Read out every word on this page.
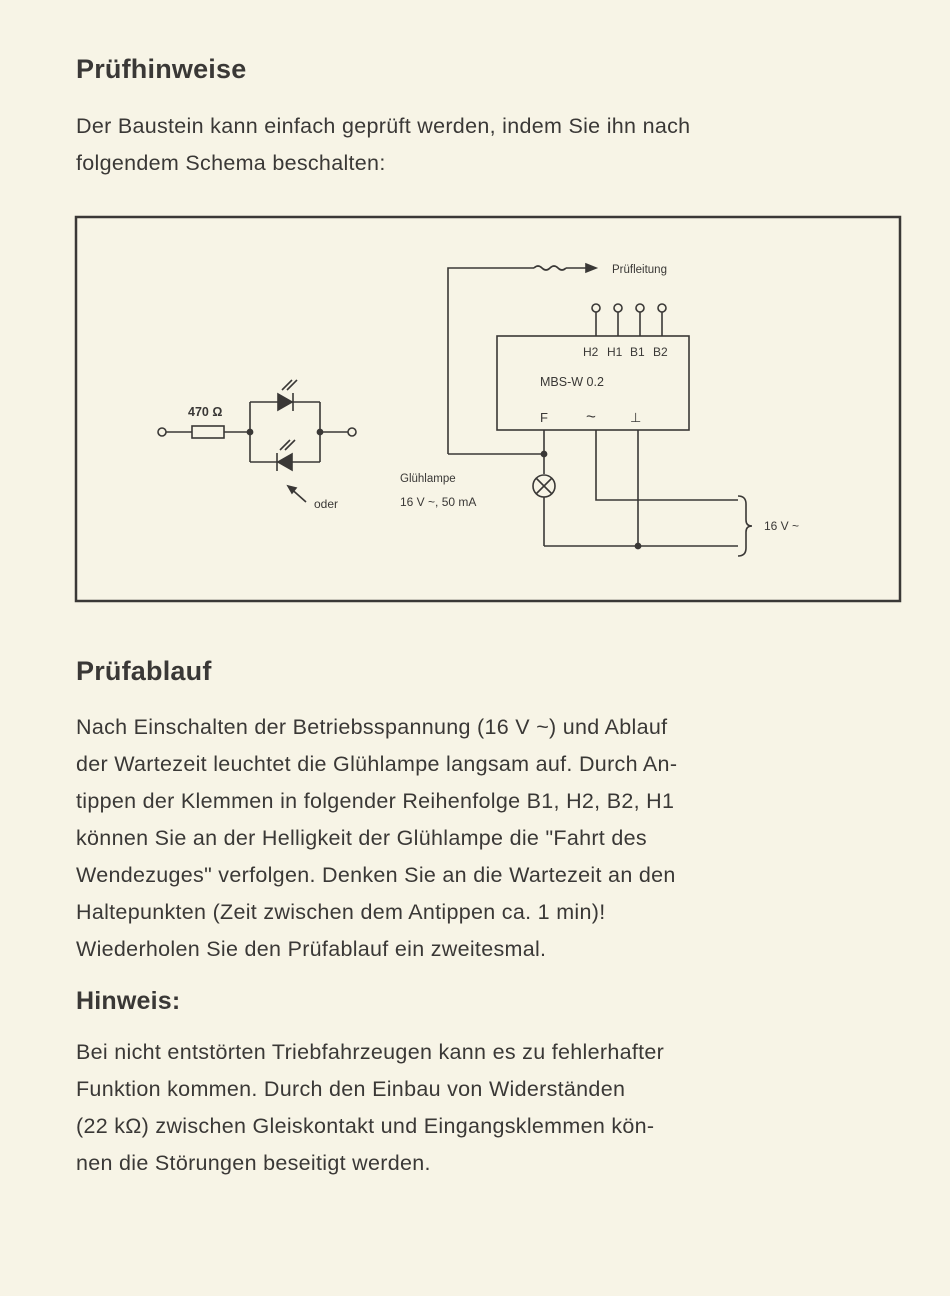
Prüfhinweise
Der Baustein kann einfach geprüft werden, indem Sie ihn nach
folgendem Schema beschalten:
470 Ω
oder
Prüfleitung
H2 H1 B1 B2
MBS-W 0.2
F ~	⊥
Glühlampe
16 V ~, 50 mA
16 V ~
Prüfablauf
Nach Einschalten der Betriebsspannung (16 V ~) und Ablauf
der Wartezeit leuchtet die Glühlampe langsam auf. Durch An-
tippen der Klemmen in folgender Reihenfolge B1, H2, B2, H1
können Sie an der Helligkeit der Glühlampe die "Fahrt des
Wendezuges" verfolgen. Denken Sie an die Wartezeit an den
Haltepunkten (Zeit zwischen dem Antippen ca. 1 min)!
Wiederholen Sie den Prüfablauf ein zweitesmal.
Hinweis:
Bei nicht entstörten Triebfahrzeugen kann es zu fehlerhafter
Funktion kommen. Durch den Einbau von Widerständen
(22 kΩ) zwischen Gleiskontakt und Eingangsklemmen kön-
nen die Störungen beseitigt werden.
